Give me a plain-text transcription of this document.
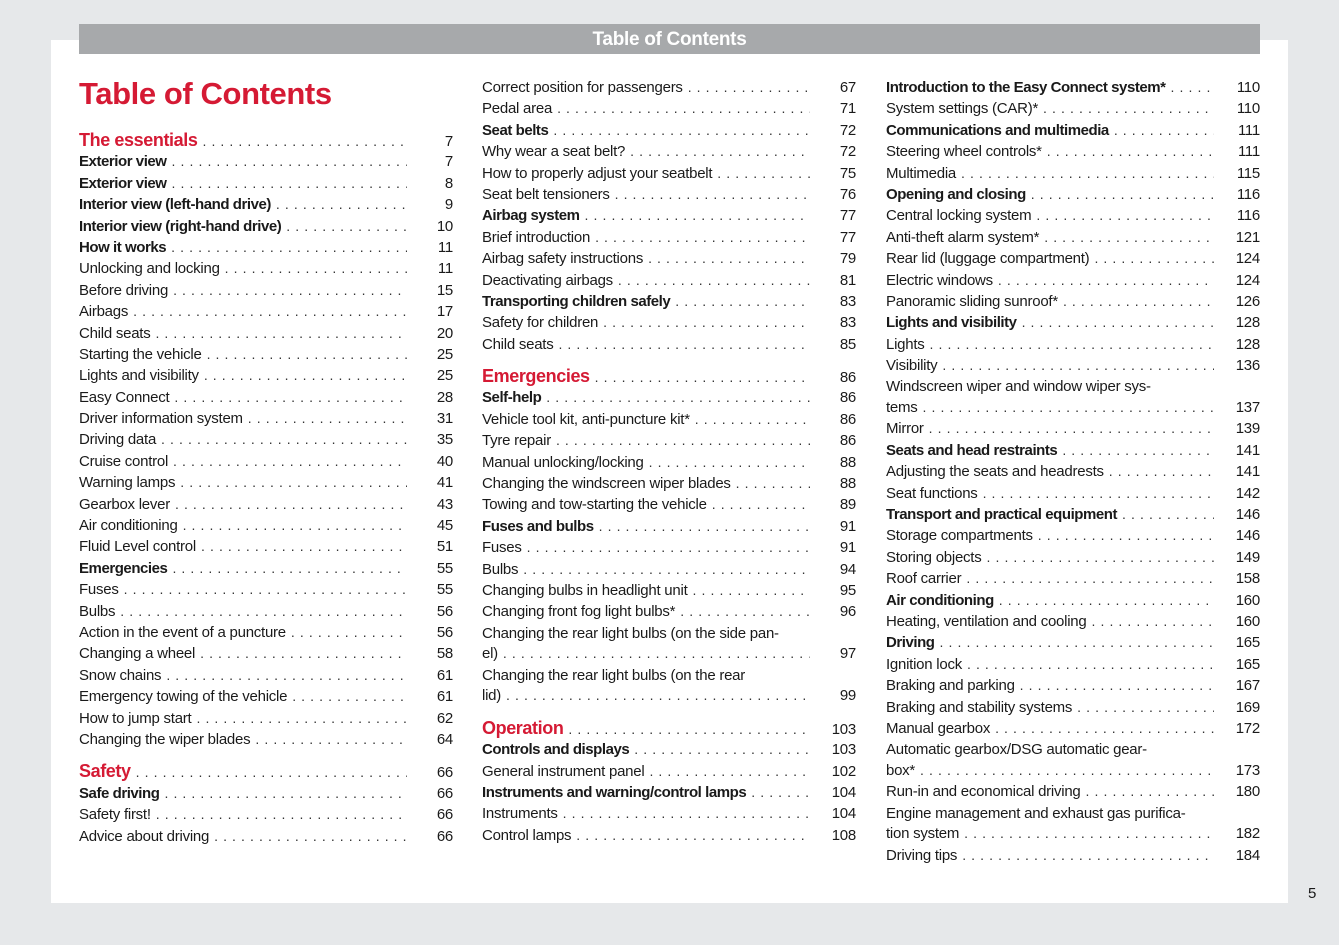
Table of Contents
Table of Contents
The essentials . . .	7
Exterior view . . .	7
Exterior view . . .	8
Interior view (left-hand drive) . . .	9
Interior view (right-hand drive) . . .	10
How it works . . .	11
Unlocking and locking . . .	11
Before driving . . .	15
Airbags . . .	17
Child seats . . .	20
Starting the vehicle . . .	25
Lights and visibility . . .	25
Easy Connect . . .	28
Driver information system . . .	31
Driving data . . .	35
Cruise control . . .	40
Warning lamps . . .	41
Gearbox lever . . .	43
Air conditioning . . .	45
Fluid Level control . . .	51
Emergencies . . .	55
Fuses . . .	55
Bulbs . . .	56
Action in the event of a puncture . . .	56
Changing a wheel . . .	58
Snow chains . . .	61
Emergency towing of the vehicle . . .	61
How to jump start . . .	62
Changing the wiper blades . . .	64
Safety . . .	66
Safe driving . . .	66
Safety first! . . .	66
Advice about driving . . .	66
Correct position for passengers . . .	67
Pedal area . . .	71
Seat belts . . .	72
Why wear a seat belt? . . .	72
How to properly adjust your seatbelt . . .	75
Seat belt tensioners . . .	76
Airbag system . . .	77
Brief introduction . . .	77
Airbag safety instructions . . .	79
Deactivating airbags . . .	81
Transporting children safely . . .	83
Safety for children . . .	83
Child seats . . .	85
Emergencies . . .	86
Self-help . . .	86
Vehicle tool kit, anti-puncture kit* . . .	86
Tyre repair . . .	86
Manual unlocking/locking . . .	88
Changing the windscreen wiper blades . . .	88
Towing and tow-starting the vehicle . . .	89
Fuses and bulbs . . .	91
Fuses . . .	91
Bulbs . . .	94
Changing bulbs in headlight unit . . .	95
Changing front fog light bulbs* . . .	96
Changing the rear light bulbs (on the side pan-
el) . . .	97
Changing the rear light bulbs (on the rear
lid) . . .	99
Operation . . .	103
Controls and displays . . .	103
General instrument panel . . .	102
Instruments and warning/control lamps . . .	104
Instruments . . .	104
Control lamps . . .	108
Introduction to the Easy Connect system* . . .	110
System settings (CAR)* . . .	110
Communications and multimedia . . .	111
Steering wheel controls* . . .	111
Multimedia . . .	115
Opening and closing . . .	116
Central locking system . . .	116
Anti-theft alarm system* . . .	121
Rear lid (luggage compartment) . . .	124
Electric windows . . .	124
Panoramic sliding sunroof* . . .	126
Lights and visibility . . .	128
Lights . . .	128
Visibility . . .	136
Windscreen wiper and window wiper sys-
tems . . .	137
Mirror . . .	139
Seats and head restraints . . .	141
Adjusting the seats and headrests . . .	141
Seat functions . . .	142
Transport and practical equipment . . .	146
Storage compartments . . .	146
Storing objects . . .	149
Roof carrier . . .	158
Air conditioning . . .	160
Heating, ventilation and cooling . . .	160
Driving . . .	165
Ignition lock . . .	165
Braking and parking . . .	167
Braking and stability systems . . .	169
Manual gearbox . . .	172
Automatic gearbox/DSG automatic gear-
box* . . .	173
Run-in and economical driving . . .	180
Engine management and exhaust gas purifica-
tion system . . .	182
Driving tips . . .	184
5
